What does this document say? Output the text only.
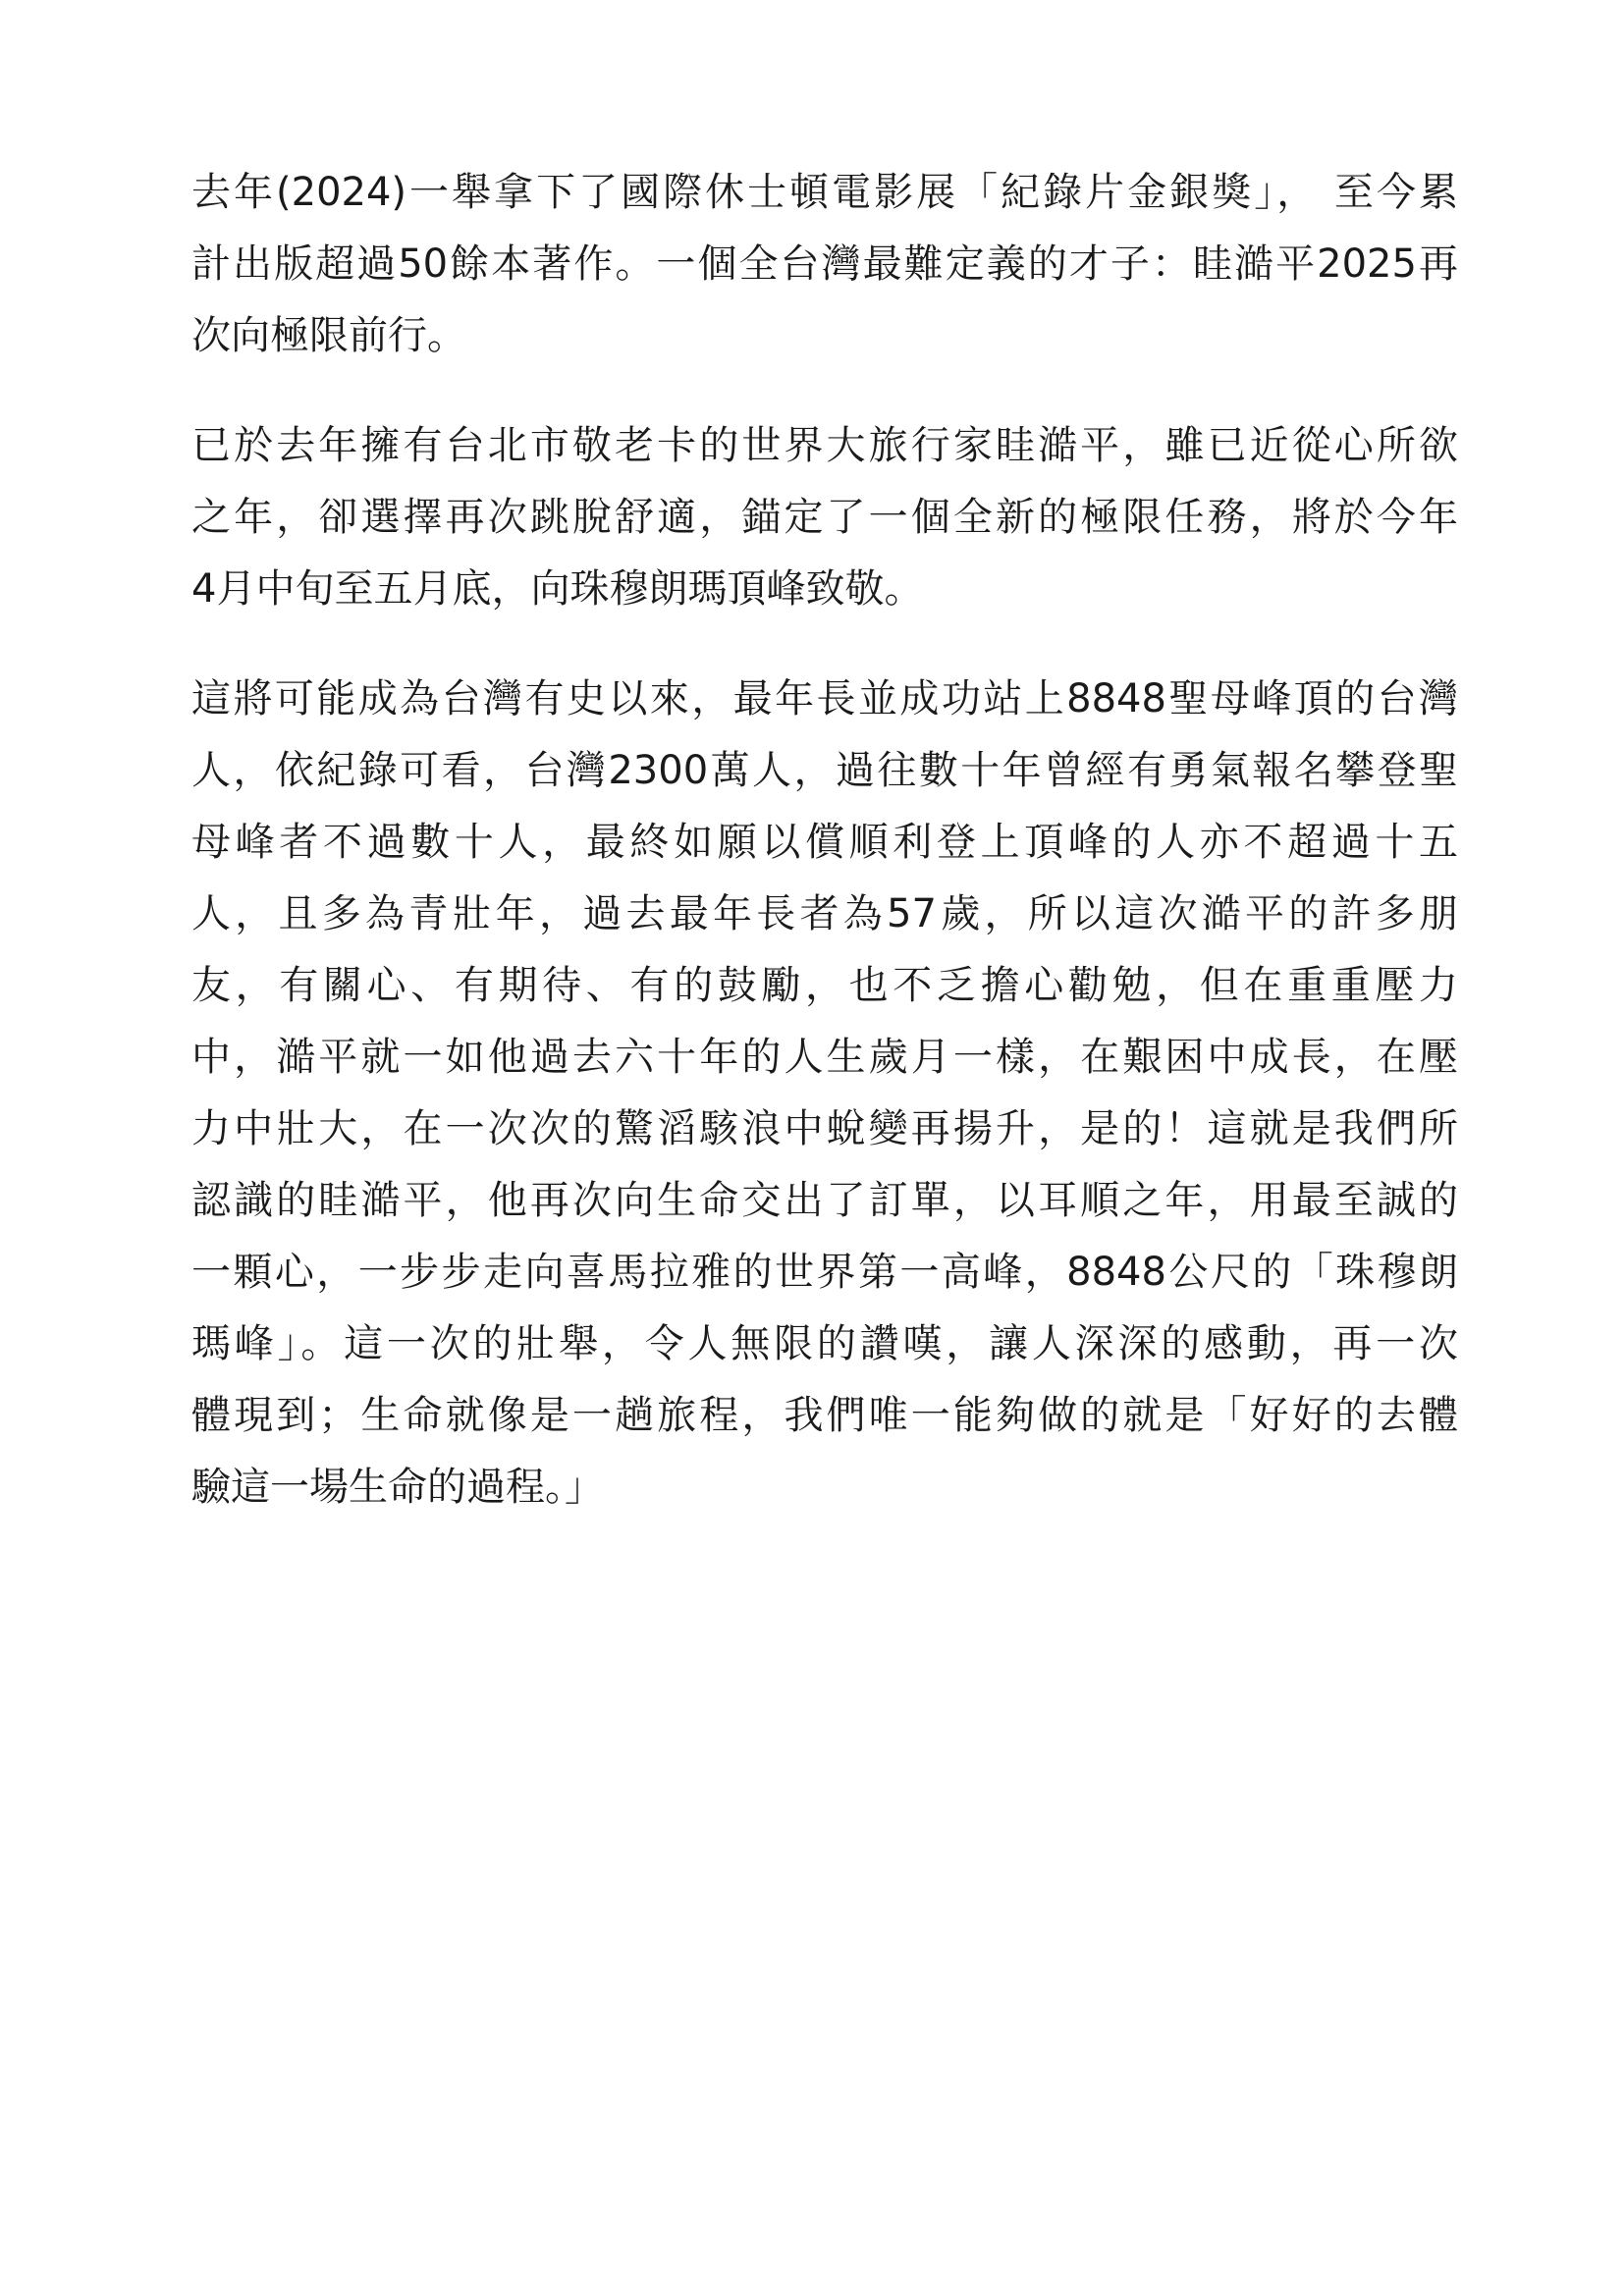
去年(2024)一舉拿下了國際休士頓電影展「紀錄片金銀獎」， 至今累
計出版超過50餘本著作。一個全台灣最難定義的才子：眭澔平2025再
次向極限前行。
已於去年擁有台北市敬老卡的世界大旅行家眭澔平，雖已近從心所欲
之年，卻選擇再次跳脫舒適，錨定了一個全新的極限任務，將於今年
4月中旬至五月底，向珠穆朗瑪頂峰致敬。
這將可能成為台灣有史以來，最年長並成功站上8848聖母峰頂的台灣
人，依紀錄可看，台灣2300萬人，過往數十年曾經有勇氣報名攀登聖
母峰者不過數十人，最終如願以償順利登上頂峰的人亦不超過十五
人，且多為青壯年，過去最年長者為57歲，所以這次澔平的許多朋
友，有關心、有期待、有的鼓勵，也不乏擔心勸勉，但在重重壓力
中，澔平就一如他過去六十年的人生歲月一樣，在艱困中成長，在壓
力中壯大，在一次次的驚滔駭浪中蛻變再揚升，是的！這就是我們所
認識的眭澔平，他再次向生命交出了訂單，以耳順之年，用最至誠的
一顆心，一步步走向喜馬拉雅的世界第一高峰，8848公尺的「珠穆朗
瑪峰」。這一次的壯舉，令人無限的讚嘆，讓人深深的感動，再一次
體現到；生命就像是一趟旅程，我們唯一能夠做的就是「好好的去體
驗這一場生命的過程。」
